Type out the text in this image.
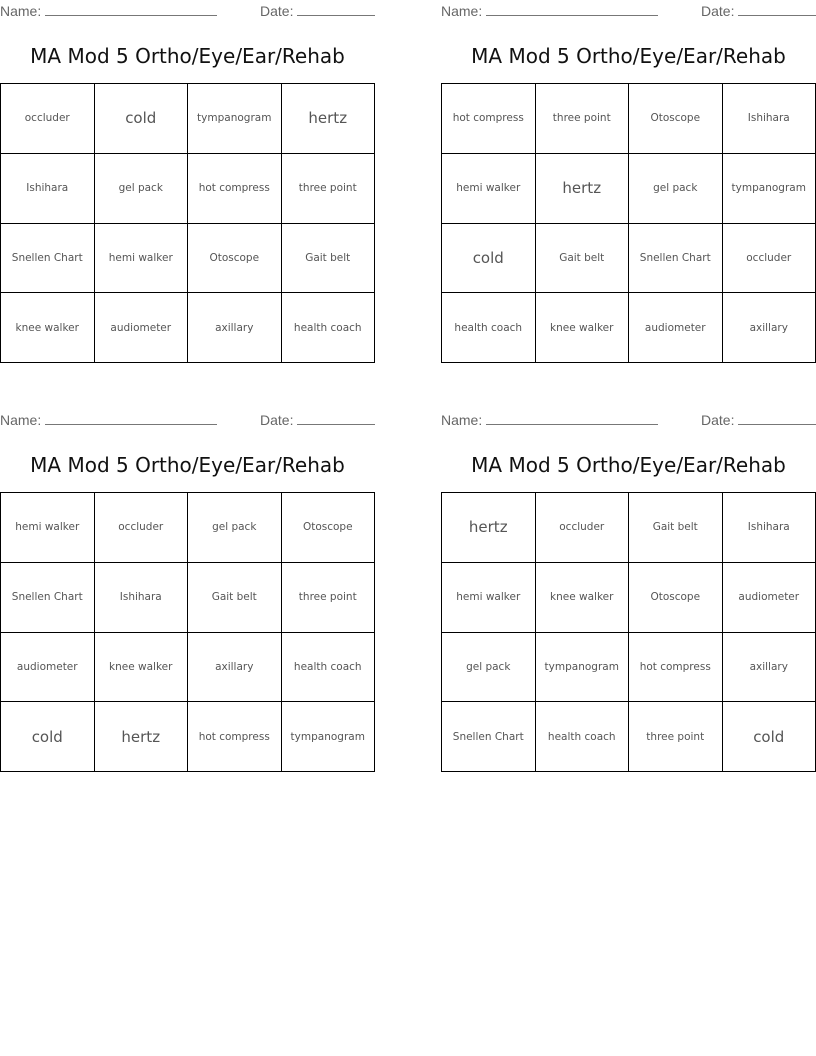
Name:	Date:
MA Mod 5 Ortho/Eye/Ear/Rehab
occluder	cold	tympanogram	hertz
Ishihara	gel pack	hot compress	three point
Snellen Chart	hemi walker	Otoscope	Gait belt
knee walker	audiometer	axillary	health coach
Name:	Date:
MA Mod 5 Ortho/Eye/Ear/Rehab
hot compress	three point	Otoscope	Ishihara
hemi walker	hertz	gel pack	tympanogram
cold	Gait belt	Snellen Chart	occluder
health coach	knee walker	audiometer	axillary
Name:	Date:
MA Mod 5 Ortho/Eye/Ear/Rehab
hemi walker	occluder	gel pack	Otoscope
Snellen Chart	Ishihara	Gait belt	three point
audiometer	knee walker	axillary	health coach
cold	hertz	hot compress	tympanogram
Name:	Date:
MA Mod 5 Ortho/Eye/Ear/Rehab
hertz	occluder	Gait belt	Ishihara
hemi walker	knee walker	Otoscope	audiometer
gel pack	tympanogram	hot compress	axillary
Snellen Chart	health coach	three point	cold
